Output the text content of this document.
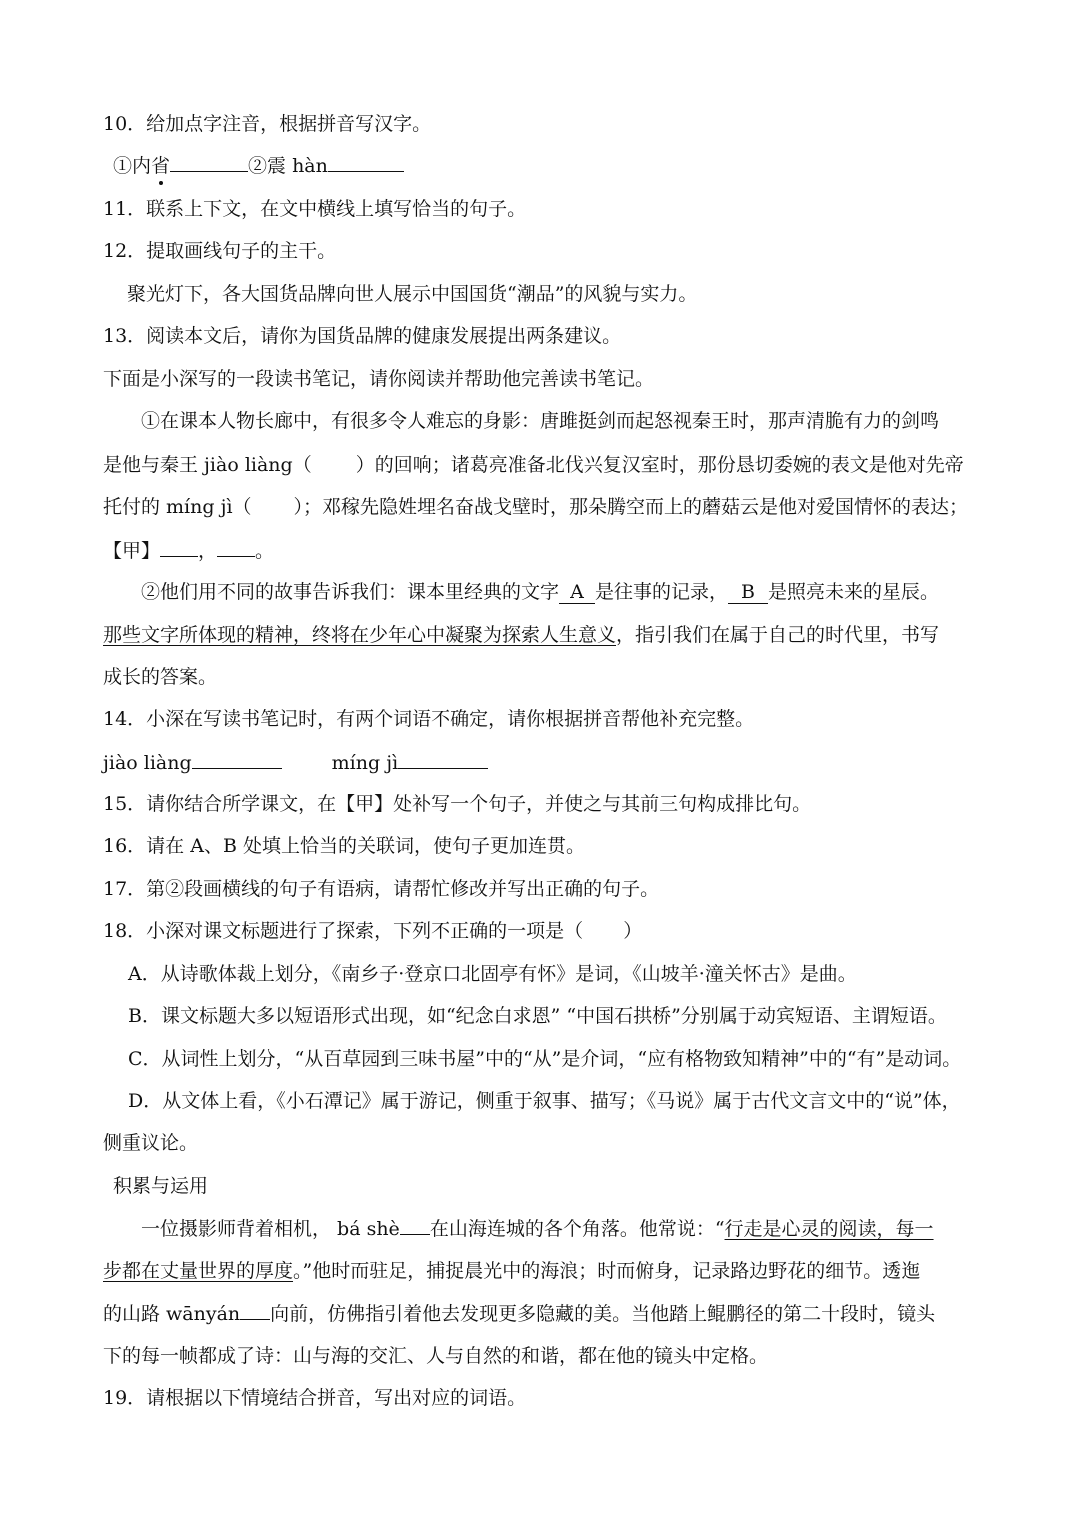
10．给加点字注音，根据拼音写汉字。
①内省	②震 hàn
11．联系上下文，在文中横线上填写恰当的句子。
12．提取画线句子的主干。
聚光灯下，各大国货品牌向世人展示中国国货“潮品”的风貌与实力。
13．阅读本文后，请你为国货品牌的健康发展提出两条建议。
下面是小深写的一段读书笔记，请你阅读并帮助他完善读书笔记。
①在课本人物长廊中，有很多令人难忘的身影：唐雎挺剑而起怒视秦王时，那声清脆有力的剑鸣
是他与秦王 jiào liàng（ ）的回响；诸葛亮准备北伐兴复汉室时，那份恳切委婉的表文是他对先帝
托付的 míng jì（ ）；邓稼先隐姓埋名奋战戈壁时，那朵腾空而上的蘑菇云是他对爱国情怀的表达；
【甲】 ， 。
②他们用不同的故事告诉我们：课本里经典的文字 A 是往事的记录， B 是照亮未来的星辰。
那些文字所体现的精神，终将在少年心中凝聚为探索人生意义，指引我们在属于自己的时代里，书写
成长的答案。
14．小深在写读书笔记时，有两个词语不确定，请你根据拼音帮他补充完整。
jiào liàng	míng jì
15．请你结合所学课文，在【甲】处补写一个句子，并使之与其前三句构成排比句。
16．请在 A、B 处填上恰当的关联词，使句子更加连贯。
17．第②段画横线的句子有语病，请帮忙修改并写出正确的句子。
18．小深对课文标题进行了探索，下列不正确的一项是（ ）
A．从诗歌体裁上划分，《南乡子·登京口北固亭有怀》是词，《山坡羊·潼关怀古》是曲。
B．课文标题大多以短语形式出现，如“纪念白求恩” “中国石拱桥”分别属于动宾短语、主谓短语。
C．从词性上划分，“从百草园到三味书屋”中的“从”是介词，“应有格物致知精神”中的“有”是动词。
D．从文体上看，《小石潭记》属于游记，侧重于叙事、描写；《马说》属于古代文言文中的“说”体，
侧重议论。
积累与运用
一位摄影师背着相机， bá shè 在山海连城的各个角落。他常说：“行走是心灵的阅读，每一
步都在丈量世界的厚度。”他时而驻足，捕捉晨光中的海浪；时而俯身，记录路边野花的细节。透迤
的山路 wānyán 向前，仿佛指引着他去发现更多隐藏的美。当他踏上鲲鹏径的第二十段时，镜头
下的每一帧都成了诗：山与海的交汇、人与自然的和谐，都在他的镜头中定格。
19．请根据以下情境结合拼音，写出对应的词语。
